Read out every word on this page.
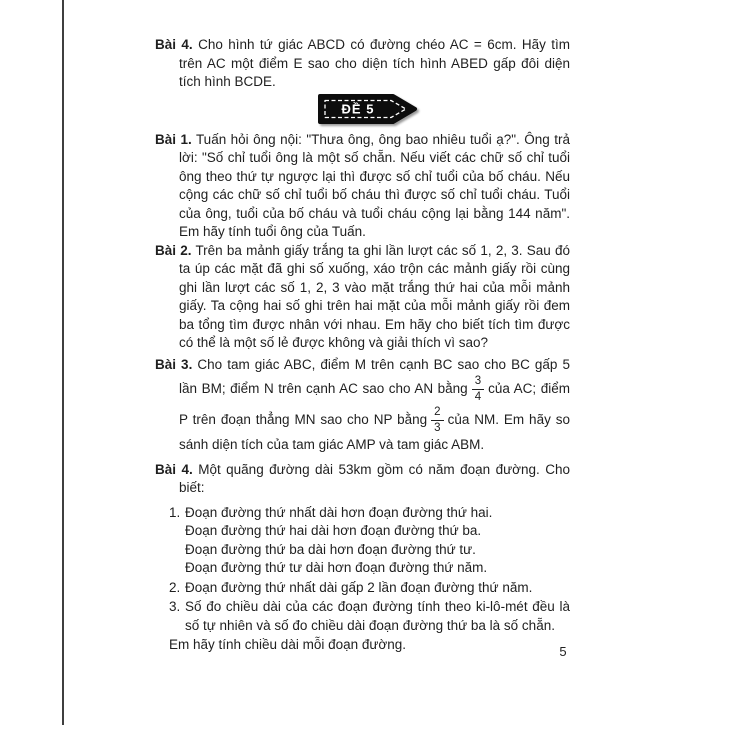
Bài 4. Cho hình tứ giác ABCD có đường chéo AC = 6cm. Hãy tìm trên AC một điểm E sao cho diện tích hình ABED gấp đôi diện tích hình BCDE.

ĐỀ 5

Bài 1. Tuấn hỏi ông nội: "Thưa ông, ông bao nhiêu tuổi ạ?". Ông trả lời: "Số chỉ tuổi ông là một số chẵn. Nếu viết các chữ số chỉ tuổi ông theo thứ tự ngược lại thì được số chỉ tuổi của bố cháu. Nếu cộng các chữ số chỉ tuổi bố cháu thì được số chỉ tuổi cháu. Tuổi của ông, tuổi của bố cháu và tuổi cháu cộng lại bằng 144 năm". Em hãy tính tuổi ông của Tuấn.

Bài 2. Trên ba mảnh giấy trắng ta ghi lần lượt các số 1, 2, 3. Sau đó ta úp các mặt đã ghi số xuống, xáo trộn các mảnh giấy rồi cùng ghi lần lượt các số 1, 2, 3 vào mặt trắng thứ hai của mỗi mảnh giấy. Ta cộng hai số ghi trên hai mặt của mỗi mảnh giấy rồi đem ba tổng tìm được nhân với nhau. Em hãy cho biết tích tìm được có thể là một số lẻ được không và giải thích vì sao?

Bài 3. Cho tam giác ABC, điểm M trên cạnh BC sao cho BC gấp 5 lần BM; điểm N trên cạnh AC sao cho AN bằng $\frac{3}{4}$ của AC; điểm P trên đoạn thẳng MN sao cho NP bằng $\frac{2}{3}$ của NM. Em hãy so sánh diện tích của tam giác AMP và tam giác ABM.

Bài 4. Một quãng đường dài 53km gồm có năm đoạn đường. Cho biết:

1. Đoạn đường thứ nhất dài hơn đoạn đường thứ hai.
Đoạn đường thứ hai dài hơn đoạn đường thứ ba.
Đoạn đường thứ ba dài hơn đoạn đường thứ tư.
Đoạn đường thứ tư dài hơn đoạn đường thứ năm.
2. Đoạn đường thứ nhất dài gấp 2 lần đoạn đường thứ năm.
3. Số đo chiều dài của các đoạn đường tính theo ki-lô-mét đều là số tự nhiên và số đo chiều dài đoạn đường thứ ba là số chẵn.

Em hãy tính chiều dài mỗi đoạn đường.	5
